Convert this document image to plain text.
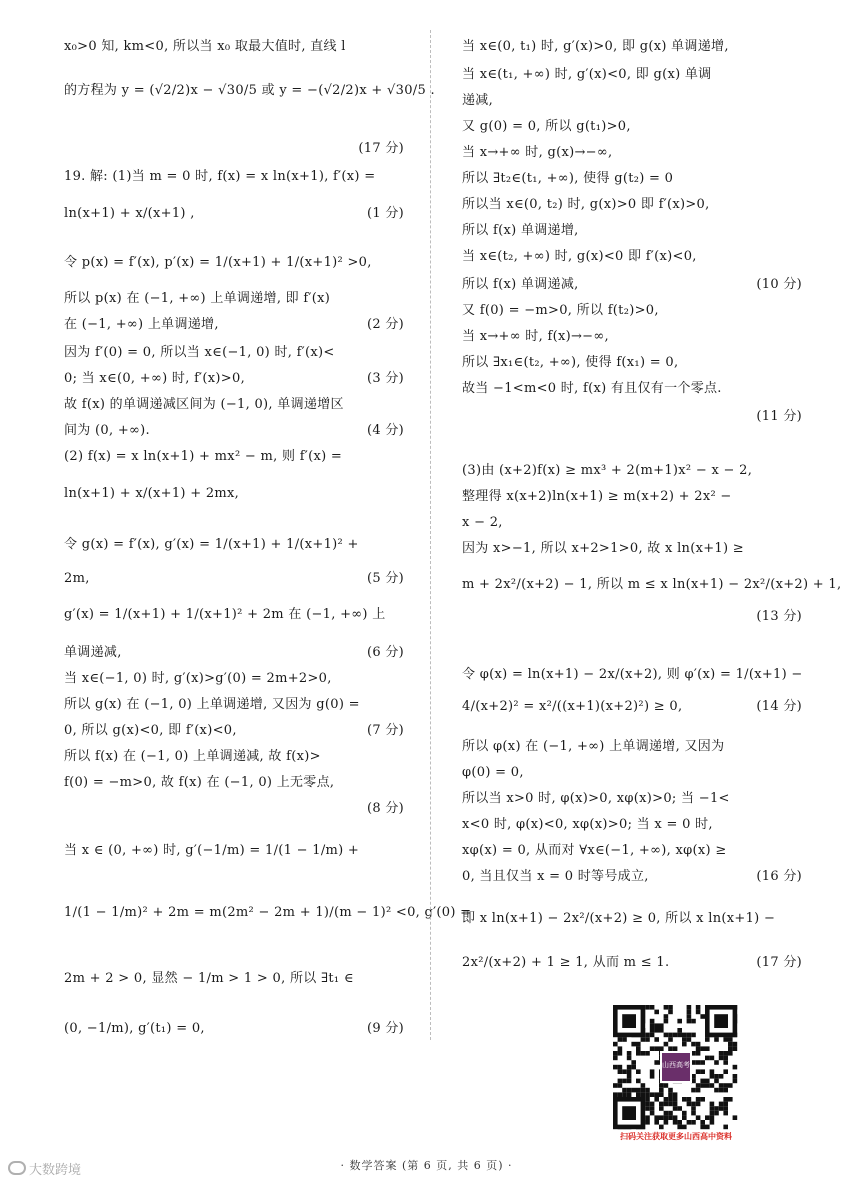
x₀>0 知, km<0, 所以当 x₀ 取最大值时, 直线 l
的方程为 y = (√2/2)x − √30/5 或 y = −(√2/2)x + √30/5 .
(17 分)
19. 解: (1)当 m = 0 时, f(x) = x ln(x+1), f′(x) =
(1 分)
ln(x+1) + x/(x+1) ,
令 p(x) = f′(x), p′(x) = 1/(x+1) + 1/(x+1)² >0,
所以 p(x) 在 (−1, +∞) 上单调递增, 即 f′(x)
(2 分)
在 (−1, +∞) 上单调递增,
因为 f′(0) = 0, 所以当 x∈(−1, 0) 时, f′(x)<
(3 分)
0; 当 x∈(0, +∞) 时, f′(x)>0,
故 f(x) 的单调递减区间为 (−1, 0), 单调递增区
(4 分)
间为 (0, +∞).
(2) f(x) = x ln(x+1) + mx² − m, 则 f′(x) =
ln(x+1) + x/(x+1) + 2mx,
令 g(x) = f′(x), g′(x) = 1/(x+1) + 1/(x+1)² +
(5 分)
2m,
g′(x) = 1/(x+1) + 1/(x+1)² + 2m 在 (−1, +∞) 上
(6 分)
单调递减,
当 x∈(−1, 0) 时, g′(x)>g′(0) = 2m+2>0,
所以 g(x) 在 (−1, 0) 上单调递增, 又因为 g(0) =
(7 分)
0, 所以 g(x)<0, 即 f′(x)<0,
所以 f(x) 在 (−1, 0) 上单调递减, 故 f(x)>
f(0) = −m>0, 故 f(x) 在 (−1, 0) 上无零点,
(8 分)
当 x ∈ (0, +∞) 时, g′(−1/m) = 1/(1 − 1/m) +
1/(1 − 1/m)² + 2m = m(2m² − 2m + 1)/(m − 1)² <0, g′(0) =
2m + 2 > 0, 显然 − 1/m > 1 > 0, 所以 ∃t₁ ∈
(9 分)
(0, −1/m), g′(t₁) = 0,
当 x∈(0, t₁) 时, g′(x)>0, 即 g(x) 单调递增,
当 x∈(t₁, +∞) 时, g′(x)<0, 即 g(x) 单调
递减,
又 g(0) = 0, 所以 g(t₁)>0,
当 x→+∞ 时, g(x)→−∞,
所以 ∃t₂∈(t₁, +∞), 使得 g(t₂) = 0
所以当 x∈(0, t₂) 时, g(x)>0 即 f′(x)>0,
所以 f(x) 单调递增,
当 x∈(t₂, +∞) 时, g(x)<0 即 f′(x)<0,
(10 分)
所以 f(x) 单调递减,
又 f(0) = −m>0, 所以 f(t₂)>0,
当 x→+∞ 时, f(x)→−∞,
所以 ∃x₁∈(t₂, +∞), 使得 f(x₁) = 0,
故当 −1<m<0 时, f(x) 有且仅有一个零点.
(11 分)
(3)由 (x+2)f(x) ≥ mx³ + 2(m+1)x² − x − 2,
整理得 x(x+2)ln(x+1) ≥ m(x+2) + 2x² −
x − 2,
因为 x>−1, 所以 x+2>1>0, 故 x ln(x+1) ≥
m + 2x²/(x+2) − 1, 所以 m ≤ x ln(x+1) − 2x²/(x+2) + 1,
(13 分)
令 φ(x) = ln(x+1) − 2x/(x+2), 则 φ′(x) = 1/(x+1) −
(14 分)
4/(x+2)² = x²/((x+1)(x+2)²) ≥ 0,
所以 φ(x) 在 (−1, +∞) 上单调递增, 又因为
φ(0) = 0,
所以当 x>0 时, φ(x)>0, xφ(x)>0; 当 −1<
x<0 时, φ(x)<0, xφ(x)>0; 当 x = 0 时,
xφ(x) = 0, 从而对 ∀x∈(−1, +∞), xφ(x) ≥
(16 分)
0, 当且仅当 x = 0 时等号成立,
即 x ln(x+1) − 2x²/(x+2) ≥ 0, 所以 x ln(x+1) −
(17 分)
2x²/(x+2) + 1 ≥ 1, 从而 m ≤ 1.
山西高考
扫码关注获取更多山西高中资料
· 数学答案 (第 6 页, 共 6 页) ·
大数跨境
